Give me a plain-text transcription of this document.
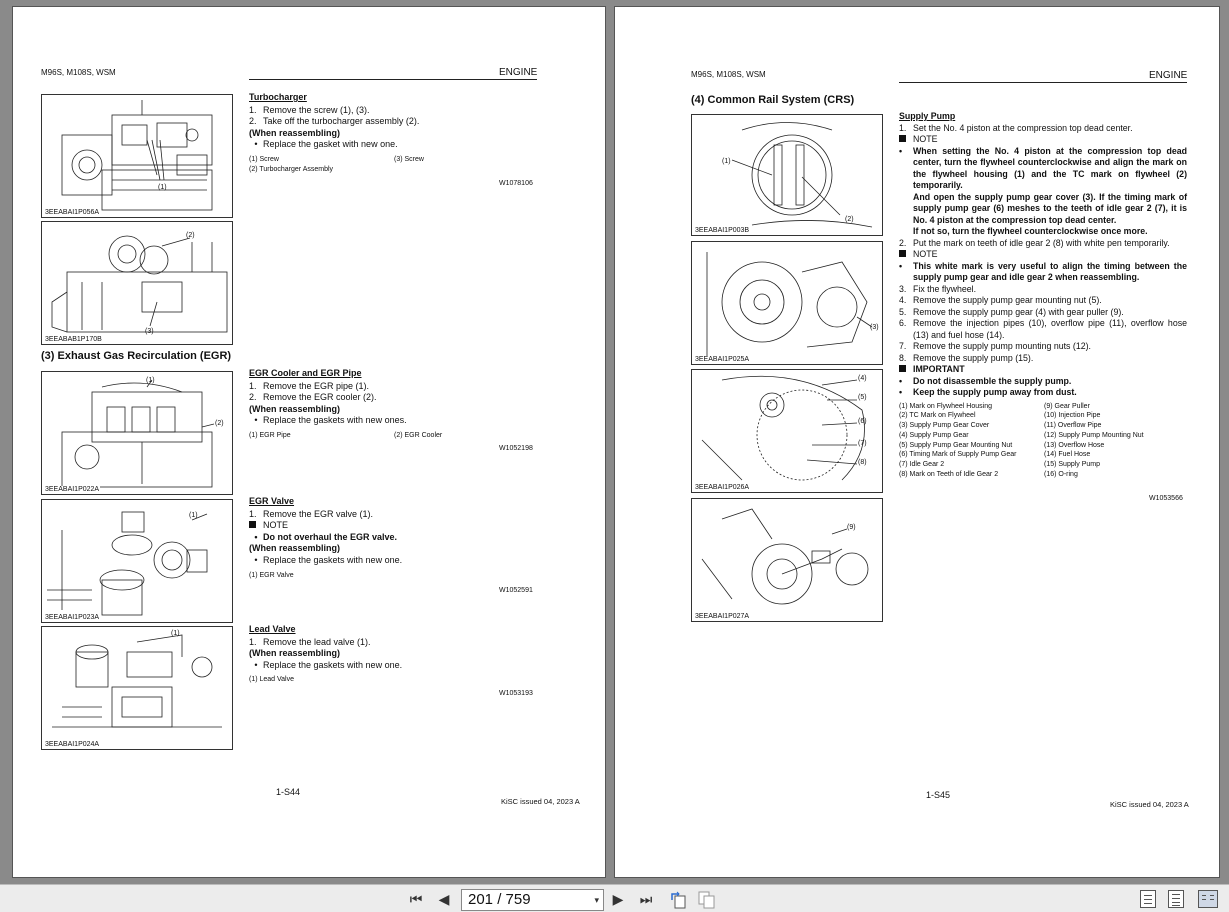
M96S, M108S, WSM	ENGINE
(1)
3EEABAI1P056A
(2)
(3)
3EEABAB1P170B
Turbocharger
1. Remove the screw (1), (3).
2. Take off the turbocharger assembly (2).
(When reassembling)
• Replace the gasket with new one.
(1) Screw	(3) Screw
(2) Turbocharger Assembly
W1078106
(3) Exhaust Gas Recirculation (EGR)
(1)
(2)
3EEABAI1P022A
EGR Cooler and EGR Pipe
1. Remove the EGR pipe (1).
2. Remove the EGR cooler (2).
(When reassembling)
• Replace the gaskets with new ones.
(1) EGR Pipe	(2) EGR Cooler
W1052198
(1)
3EEABAI1P023A
EGR Valve
1. Remove the EGR valve (1).
NOTE
• Do not overhaul the EGR valve.
(When reassembling)
• Replace the gaskets with new one.
(1) EGR Valve
W1052591
(1)
3EEABAI1P024A
Lead Valve
1. Remove the lead valve (1).
(When reassembling)
• Replace the gaskets with new one.
(1) Lead Valve
W1053193
1-S44
KiSC issued 04, 2023 A
M96S, M108S, WSM	ENGINE
(4) Common Rail System (CRS)
(1)
(2)
3EEABAI1P003B
(3)
3EEABAI1P025A
(4)
(5)
(6)
(7)
(8)
3EEABAI1P026A
(9)
3EEABAI1P027A
Supply Pump
1. Set the No. 4 piston at the compression top dead center.
NOTE
•	When setting the No. 4 piston at the compression top dead center, turn the flywheel counterclockwise and align the mark on the flywheel housing (1) and the TC mark on flywheel (2) temporarily.
And open the supply pump gear cover (3). If the timing mark of supply pump gear (6) meshes to the teeth of idle gear 2 (7), it is No. 4 piston at the compression top dead center.
If not so, turn the flywheel counterclockwise once more.
2. Put the mark on teeth of idle gear 2 (8) with white pen temporarily.
NOTE
•	This white mark is very useful to align the timing between the supply pump gear and idle gear 2 when reassembling.
3. Fix the flywheel.
4. Remove the supply pump gear mounting nut (5).
5. Remove the supply pump gear (4) with gear puller (9).
6. Remove the injection pipes (10), overflow pipe (11), overflow hose (13) and fuel hose (14).
7. Remove the supply pump mounting nuts (12).
8. Remove the supply pump (15).
IMPORTANT
•	Do not disassemble the supply pump.
•	Keep the supply pump away from dust.
(1) Mark on Flywheel Housing	(9) Gear Puller
(2) TC Mark on Flywheel	(10) Injection Pipe
(3) Supply Pump Gear Cover	(11) Overflow Pipe
(4) Supply Pump Gear	(12) Supply Pump Mounting Nut
(5) Supply Pump Gear Mounting Nut	(13) Overflow Hose
(6) Timing Mark of Supply Pump Gear	(14) Fuel Hose
(7) Idle Gear 2	(15) Supply Pump
(8) Mark on Teeth of Idle Gear 2	(16) O-ring
W1053566
1-S45
KiSC issued 04, 2023 A
⏮ ◀	201 / 759	▾ ▶ ⏭
